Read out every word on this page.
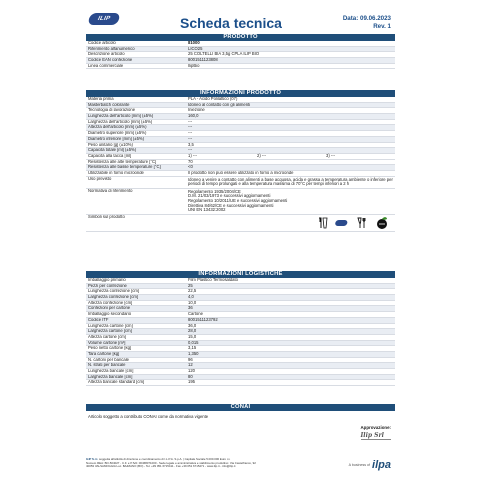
ILIP	Scheda tecnica	Data: 09.06.2023
Rev. 1
PRODOTTO
Codice articolo	81000
Riferimento alfanumerico	LICO25
Descrizione articolo	25 COLTELLI BIA 3,5g CPLA ILIP BIO
Codice EAN confezione	8001511123808
Linea commerciale	IlipBio
INFORMAZIONI PRODOTTO
Materia prima	PLA - Acido Polilattico (07)
Masterbatch colorante	Idoneo al contatto con gli alimenti
Tecnologia di lavorazione	Iniezione
Lunghezza dell'articolo [mm] (±5%)	160,0
Larghezza dell'articolo [mm] (±5%)	---
Altezza dell'articolo [mm] (±5%)	---
Diametro superiore [mm] (±5%)	---
Diametro inferiore [mm] (±5%)	---
Peso unitario [g] (±10%)	3,5
Capacità totale [ml] (±5%)	---
Capacità alla tacca [ml]	1) ---	2) ---	3) ---
Resistenza alle alte temperature [°C]	70
Resistenza alle basse temperature [°C]	<0
Utilizzabile in forno microonde	Il prodotto non può essere utilizzato in forno a microonde
Uso previsto	Idoneo a venire a contatto con alimenti a base acquosa, acida e grassa a temperatura ambiente o inferiore per periodi di tempo prolungati e alla temperatura massima di 70°C per tempi inferiori a 2 h
Normativa di riferimento	Regolamento 1935/2004/CE
D.M. 21/03/1973 e successivi aggiornamenti
Regolamento 10/2011/UE e successivi aggiornamenti
Direttiva 84/62/CE e successivi aggiornamenti
UNI EN 13432:2002
Simboli sul prodotto
INFORMAZIONI LOGISTICHE
Imballaggio primario	Film Plastico Termosaldato
Pezzi per confezione	25
Lunghezza confezione [cm]	22,5
Larghezza confezione [cm]	4,0
Altezza confezione [cm]	10,0
Confezioni per cartone	36
Imballaggio secondario	Cartone
Codice ITF	8001511123792
Lunghezza cartone [cm]	36,0
Larghezza cartone [cm]	28,0
Altezza cartone [cm]	15,0
Volume cartone [m³]	0,015
Peso netto cartone [kg]	3,15
Tara cartone [kg]	1,350
N. cartoni per bancale	96
N. strati per bancale	12
Lunghezza bancale [cm]	120
Larghezza bancale [cm]	80
Altezza bancale standard [cm]	195
CONAI
Articolo soggetto a contributo CONAI come da normativa vigente
Approvazione:
Ilip Srl
ILIP S.r.l. soggetta all'attività di direzione e coordinamento di I.L.P.A. S.p.A. | Capitale Sociale 5.000.000 Euro i.v.
Numero REA: BO-504027 - C.F. e P.IVA: 00468071000 - Sede legale e amministrativa e stabilimento produttivo: Via Castelfranco, 92
40053 VALSAMOGGIA Loc. BAZZANO (BO) - Tel. +39 051 6715411 - Fax +39 051 6715471 - www.ilip.it - info@ilip.it	A business of ilpa
